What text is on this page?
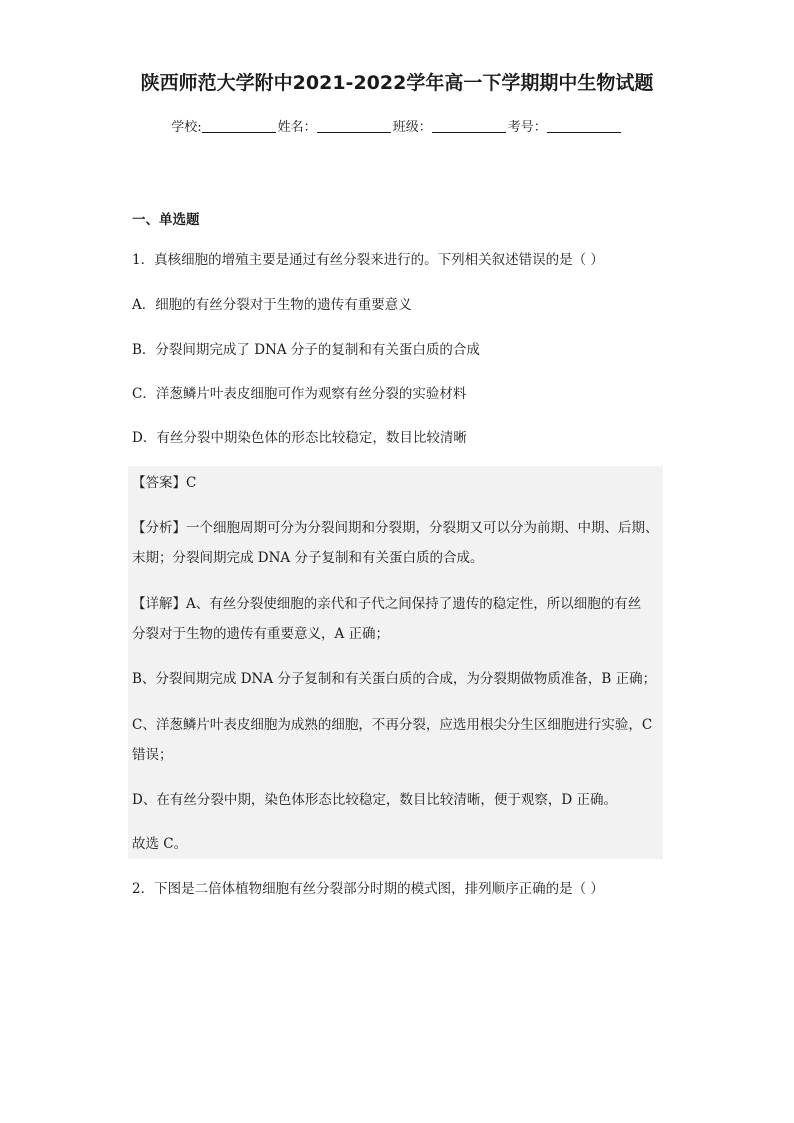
陕西师范大学附中2021-2022学年高一下学期期中生物试题
学校:	姓名：	班级：	考号：
一、单选题
1．真核细胞的增殖主要是通过有丝分裂来进行的。下列相关叙述错误的是（ ）
A．细胞的有丝分裂对于生物的遗传有重要意义
B．分裂间期完成了 DNA 分子的复制和有关蛋白质的合成
C．洋葱鳞片叶表皮细胞可作为观察有丝分裂的实验材料
D．有丝分裂中期染色体的形态比较稳定，数目比较清晰
【答案】C
【分析】一个细胞周期可分为分裂间期和分裂期，分裂期又可以分为前期、中期、后期、
末期；分裂间期完成 DNA 分子复制和有关蛋白质的合成。
【详解】A、有丝分裂使细胞的亲代和子代之间保持了遗传的稳定性，所以细胞的有丝
分裂对于生物的遗传有重要意义，A 正确；
B、分裂间期完成 DNA 分子复制和有关蛋白质的合成，为分裂期做物质准备，B 正确；
C、洋葱鳞片叶表皮细胞为成熟的细胞，不再分裂，应选用根尖分生区细胞进行实验，C
错误；
D、在有丝分裂中期，染色体形态比较稳定，数目比较清晰，便于观察，D 正确。
故选 C。
2．下图是二倍体植物细胞有丝分裂部分时期的模式图，排列顺序正确的是（ ）
